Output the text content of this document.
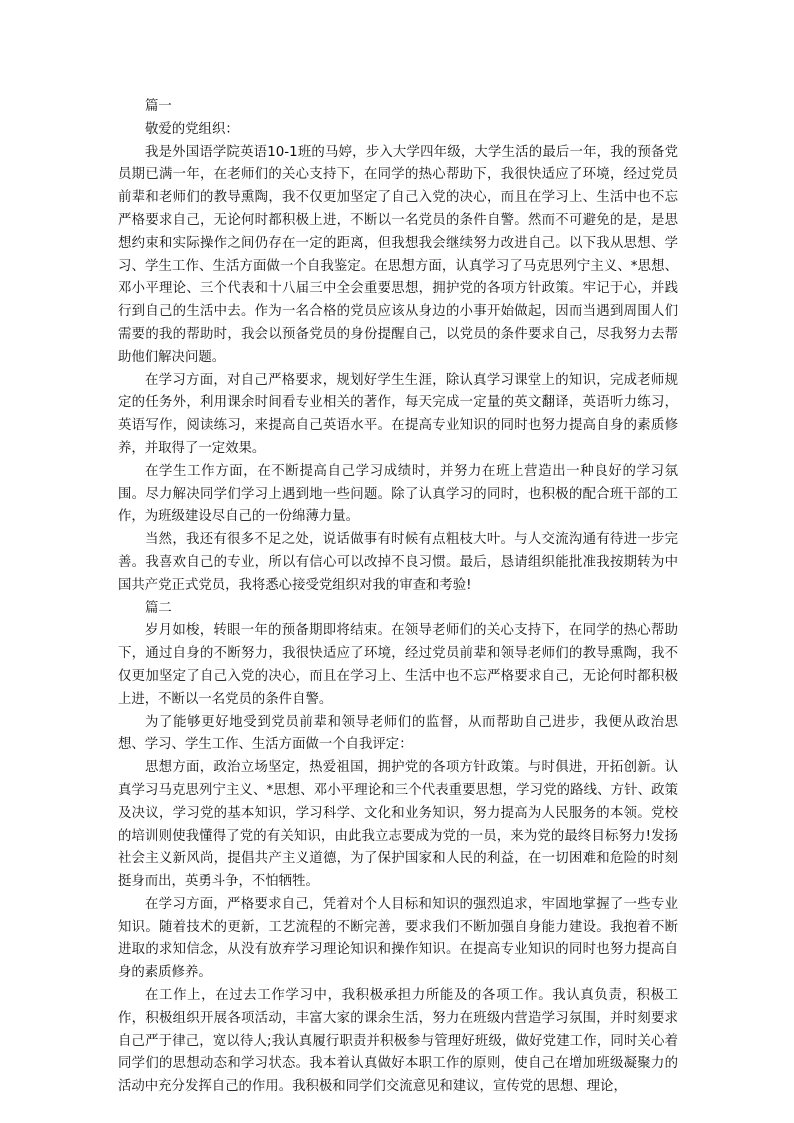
篇一

敬爱的党组织：

我是外国语学院英语10-1班的马婷，步入大学四年级，大学生活的最后一年，我的预备党员期已满一年，在老师们的关心支持下，在同学的热心帮助下，我很快适应了环境，经过党员前辈和老师们的教导熏陶，我不仅更加坚定了自己入党的决心，而且在学习上、生活中也不忘严格要求自己，无论何时都积极上进，不断以一名党员的条件自警。然而不可避免的是，是思想约束和实际操作之间仍存在一定的距离，但我想我会继续努力改进自己。以下我从思想、学习、学生工作、生活方面做一个自我鉴定。在思想方面，认真学习了马克思列宁主义、*思想、邓小平理论、三个代表和十八届三中全会重要思想，拥护党的各项方针政策。牢记于心，并践行到自己的生活中去。作为一名合格的党员应该从身边的小事开始做起，因而当遇到周围人们需要的我的帮助时，我会以预备党员的身份提醒自己，以党员的条件要求自己，尽我努力去帮助他们解决问题。

在学习方面，对自己严格要求，规划好学生生涯，除认真学习课堂上的知识，完成老师规定的任务外，利用课余时间看专业相关的著作，每天完成一定量的英文翻译，英语听力练习，英语写作，阅读练习，来提高自己英语水平。在提高专业知识的同时也努力提高自身的素质修养，并取得了一定效果。

在学生工作方面，在不断提高自己学习成绩时，并努力在班上营造出一种良好的学习氛围。尽力解决同学们学习上遇到地一些问题。除了认真学习的同时，也积极的配合班干部的工作，为班级建设尽自己的一份绵薄力量。

当然，我还有很多不足之处，说话做事有时候有点粗枝大叶。与人交流沟通有待进一步完善。我喜欢自己的专业，所以有信心可以改掉不良习惯。最后，恳请组织能批准我按期转为中国共产党正式党员，我将悉心接受党组织对我的审查和考验!

篇二

岁月如梭，转眼一年的预备期即将结束。在领导老师们的关心支持下，在同学的热心帮助下，通过自身的不断努力，我很快适应了环境，经过党员前辈和领导老师们的教导熏陶，我不仅更加坚定了自己入党的决心，而且在学习上、生活中也不忘严格要求自己，无论何时都积极上进，不断以一名党员的条件自警。

为了能够更好地受到党员前辈和领导老师们的监督，从而帮助自己进步，我便从政治思想、学习、学生工作、生活方面做一个自我评定：

思想方面，政治立场坚定，热爱祖国，拥护党的各项方针政策。与时俱进，开拓创新。认真学习马克思列宁主义、*思想、邓小平理论和三个代表重要思想，学习党的路线、方针、政策及决议，学习党的基本知识，学习科学、文化和业务知识，努力提高为人民服务的本领。党校的培训则使我懂得了党的有关知识，由此我立志要成为党的一员，来为党的最终目标努力!发扬社会主义新风尚，提倡共产主义道德，为了保护国家和人民的利益，在一切困难和危险的时刻挺身而出，英勇斗争，不怕牺牲。

在学习方面，严格要求自己，凭着对个人目标和知识的强烈追求，牢固地掌握了一些专业知识。随着技术的更新，工艺流程的不断完善，要求我们不断加强自身能力建设。我抱着不断进取的求知信念，从没有放弃学习理论知识和操作知识。在提高专业知识的同时也努力提高自身的素质修养。

在工作上，在过去工作学习中，我积极承担力所能及的各项工作。我认真负责，积极工作，积极组织开展各项活动，丰富大家的课余生活，努力在班级内营造学习氛围，并时刻要求自己严于律己，宽以待人;我认真履行职责并积极参与管理好班级，做好党建工作，同时关心着同学们的思想动态和学习状态。我本着认真做好本职工作的原则，使自己在增加班级凝聚力的活动中充分发挥自己的作用。我积极和同学们交流意见和建议，宣传党的思想、理论，
